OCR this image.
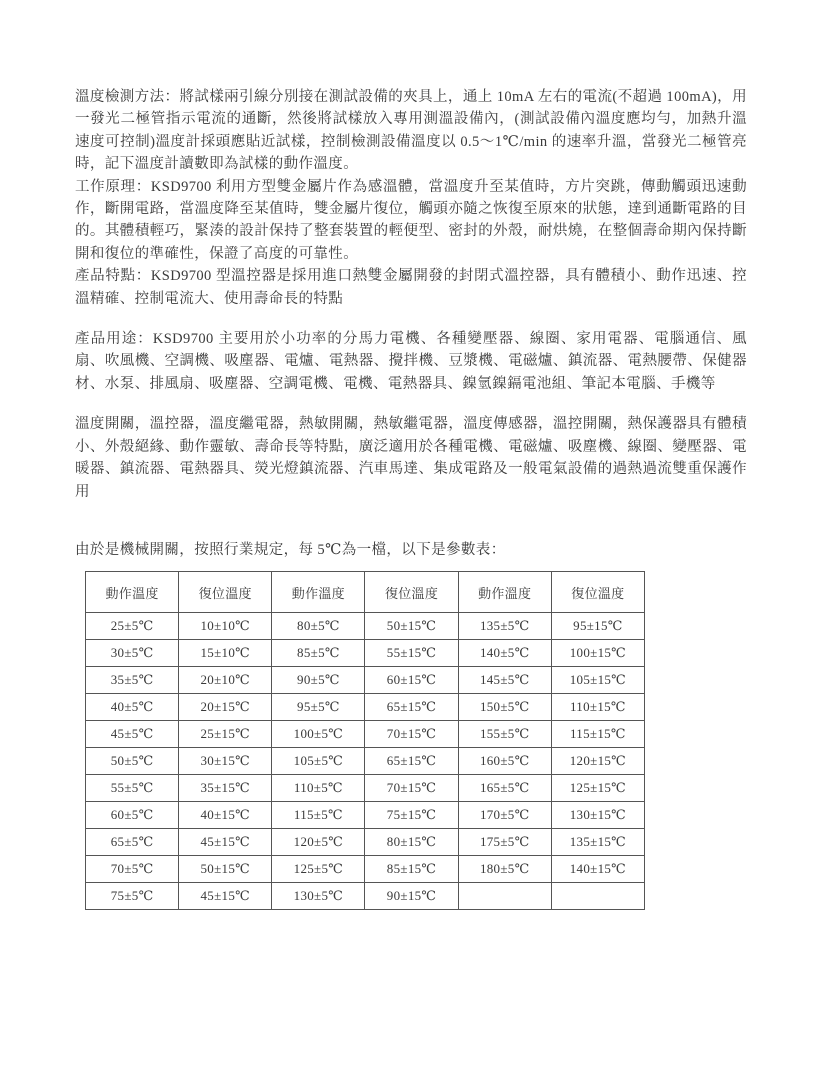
溫度檢測方法：將試樣兩引線分別接在測試設備的夾具上，通上 10mA 左右的電流(不超過 100mA)，用一發光二極管指示電流的通斷，然後將試樣放入專用測溫設備內，(測試設備內溫度應均勻，加熱升溫速度可控制)溫度計採頭應貼近試樣，控制檢測設備溫度以 0.5～1℃/min 的速率升溫，當發光二極管亮時，記下溫度計讀數即為試樣的動作溫度。

工作原理：KSD9700 利用方型雙金屬片作為感溫體，當溫度升至某值時，方片突跳，傳動觸頭迅速動作，斷開電路，當溫度降至某值時，雙金屬片復位，觸頭亦隨之恢復至原來的狀態，達到通斷電路的目的。其體積輕巧，緊湊的設計保持了整套裝置的輕便型、密封的外殼，耐烘燒，在整個壽命期內保持斷開和復位的準確性，保證了高度的可靠性。

產品特點：KSD9700 型溫控器是採用進口熱雙金屬開發的封閉式溫控器，具有體積小、動作迅速、控溫精確、控制電流大、使用壽命長的特點

產品用途：KSD9700 主要用於小功率的分馬力電機、各種變壓器、線圈、家用電器、電腦通信、風扇、吹風機、空調機、吸塵器、電爐、電熱器、攪拌機、豆漿機、電磁爐、鎮流器、電熱腰帶、保健器材、水泵、排風扇、吸塵器、空調電機、電機、電熱器具、鎳氫鎳鎘電池組、筆記本電腦、手機等

溫度開關，溫控器，溫度繼電器，熱敏開關，熱敏繼電器，溫度傳感器，溫控開關，熱保護器具有體積小、外殼絕緣、動作靈敏、壽命長等特點，廣泛適用於各種電機、電磁爐、吸塵機、線圈、變壓器、電暖器、鎮流器、電熱器具、熒光燈鎮流器、汽車馬達、集成電路及一般電氣設備的過熱過流雙重保護作用

由於是機械開關，按照行業規定，每 5℃為一檔，以下是參數表：

動作溫度	復位溫度	動作溫度	復位溫度	動作溫度	復位溫度
25±5℃	10±10℃	80±5℃	50±15℃	135±5℃	95±15℃
30±5℃	15±10℃	85±5℃	55±15℃	140±5℃	100±15℃
35±5℃	20±10℃	90±5℃	60±15℃	145±5℃	105±15℃
40±5℃	20±15℃	95±5℃	65±15℃	150±5℃	110±15℃
45±5℃	25±15℃	100±5℃	70±15℃	155±5℃	115±15℃
50±5℃	30±15℃	105±5℃	65±15℃	160±5℃	120±15℃
55±5℃	35±15℃	110±5℃	70±15℃	165±5℃	125±15℃
60±5℃	40±15℃	115±5℃	75±15℃	170±5℃	130±15℃
65±5℃	45±15℃	120±5℃	80±15℃	175±5℃	135±15℃
70±5℃	50±15℃	125±5℃	85±15℃	180±5℃	140±15℃
75±5℃	45±15℃	130±5℃	90±15℃		
